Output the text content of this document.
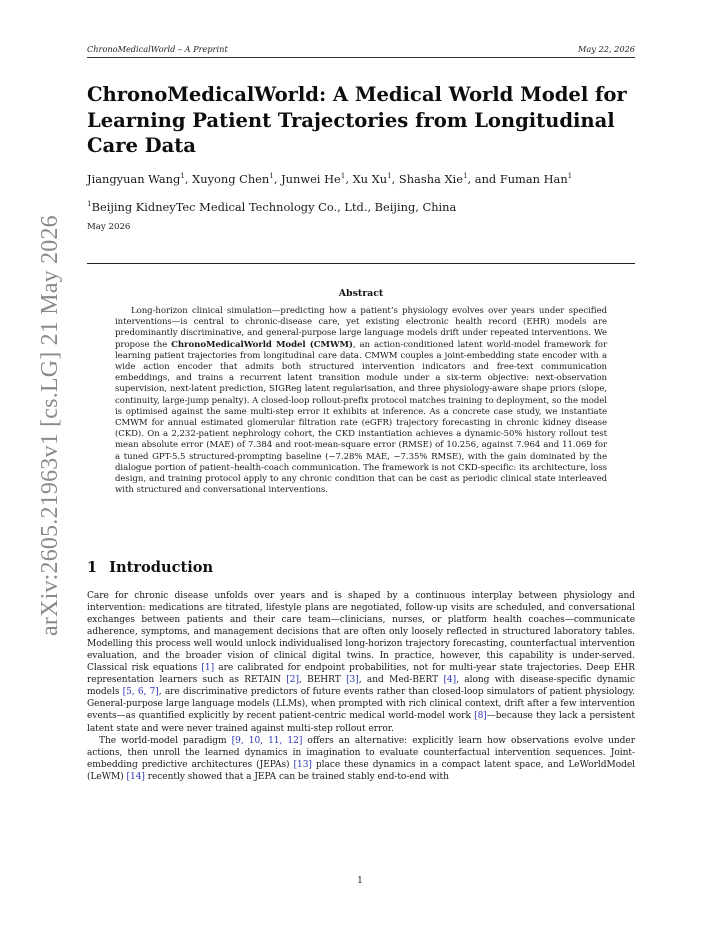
ChronoMedicalWorld – A Preprint	May 22, 2026
ChronoMedicalWorld: A Medical World Model for Learning Patient Trajectories from Longitudinal Care Data
Jiangyuan Wang$^1$, Xuyong Chen$^1$, Junwei He$^1$, Xu Xu$^1$, Shasha Xie$^1$, and Fuman Han$^1$
$^1$Beijing KidneyTec Medical Technology Co., Ltd., Beijing, China
May 2026
Abstract

Long-horizon clinical simulation—predicting how a patient’s physiology evolves over years under specified interventions—is central to chronic-disease care, yet existing electronic health record (EHR) models are predominantly discriminative, and general-purpose large language models drift under repeated interventions. We propose the ChronoMedicalWorld Model (CMWM), an action-conditioned latent world-model framework for learning patient trajectories from longitudinal care data. CMWM couples a joint-embedding state encoder with a wide action encoder that admits both structured intervention indicators and free-text communication embeddings, and trains a recurrent latent transition module under a six-term objective: next-observation supervision, next-latent prediction, SIGReg latent regularisation, and three physiology-aware shape priors (slope, continuity, large-jump penalty). A closed-loop rollout-prefix protocol matches training to deployment, so the model is optimised against the same multi-step error it exhibits at inference. As a concrete case study, we instantiate CMWM for annual estimated glomerular filtration rate (eGFR) trajectory forecasting in chronic kidney disease (CKD). On a 2,232-patient nephrology cohort, the CKD instantiation achieves a dynamic-50% history rollout test mean absolute error (MAE) of 7.384 and root-mean-square error (RMSE) of 10.256, against 7.964 and 11.069 for a tuned GPT-5.5 structured-prompting baseline (−7.28% MAE, −7.35% RMSE), with the gain dominated by the dialogue portion of patient–health-coach communication. The framework is not CKD-specific: its architecture, loss design, and training protocol apply to any chronic condition that can be cast as periodic clinical state interleaved with structured and conversational interventions.

1 Introduction

Care for chronic disease unfolds over years and is shaped by a continuous interplay between physiology and intervention: medications are titrated, lifestyle plans are negotiated, follow-up visits are scheduled, and conversational exchanges between patients and their care team—clinicians, nurses, or platform health coaches—communicate adherence, symptoms, and management decisions that are often only loosely reflected in structured laboratory tables. Modelling this process well would unlock individualised long-horizon trajectory forecasting, counterfactual intervention evaluation, and the broader vision of clinical digital twins. In practice, however, this capability is under-served. Classical risk equations [1] are calibrated for endpoint probabilities, not for multi-year state trajectories. Deep EHR representation learners such as RETAIN [2], BEHRT [3], and Med-BERT [4], along with disease-specific dynamic models [5, 6, 7], are discriminative predictors of future events rather than closed-loop simulators of patient physiology. General-purpose large language models (LLMs), when prompted with rich clinical context, drift after a few intervention events—as quantified explicitly by recent patient-centric medical world-model work [8]—because they lack a persistent latent state and were never trained against multi-step rollout error.

The world-model paradigm [9, 10, 11, 12] offers an alternative: explicitly learn how observations evolve under actions, then unroll the learned dynamics in imagination to evaluate counterfactual intervention sequences. Joint-embedding predictive architectures (JEPAs) [13] place these dynamics in a compact latent space, and LeWorldModel (LeWM) [14] recently showed that a JEPA can be trained stably end-to-end with

arXiv:2605.21963v1 [cs.LG] 21 May 2026
1
